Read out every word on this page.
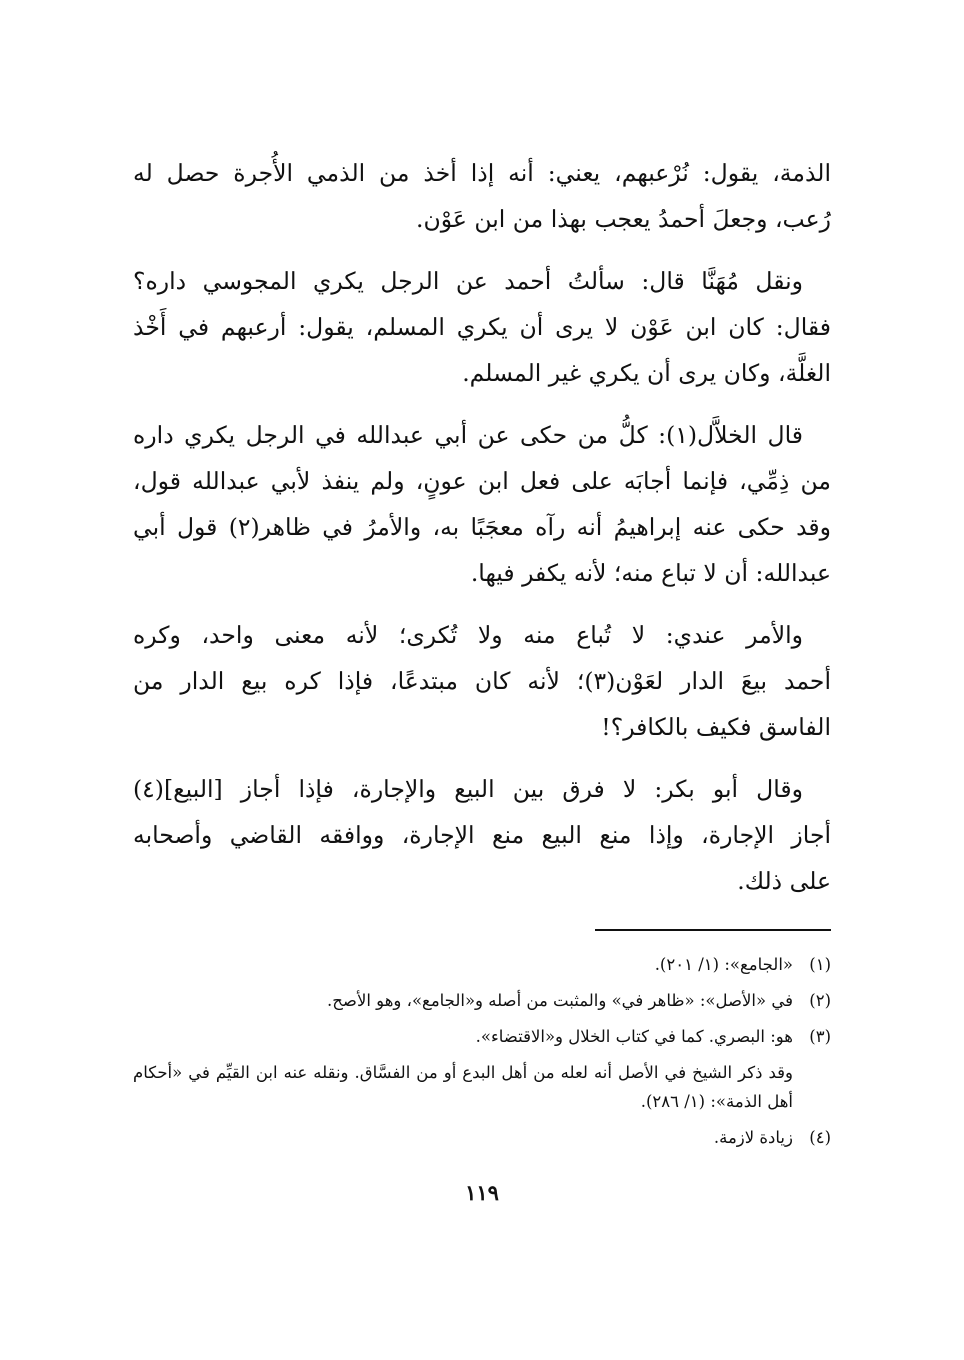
الذمة، يقول: نُرْعبهم، يعني: أنه إذا أخذ من الذمي الأُجرة حصل له
رُعب، وجعلَ أحمدُ يعجب بهذا من ابن عَوْن.

ونقل مُهَنَّا قال: سألتُ أحمد عن الرجل يكري المجوسي داره؟
فقال: كان ابن عَوْن لا يرى أن يكري المسلم، يقول: أرعبهم في أَخْذ
الغلَّة، وكان يرى أن يكري غير المسلم.

قال الخلاَّل(١): كلُّ من حكى عن أبي عبدالله في الرجل يكري داره
من ذِمِّي، فإنما أجابَه على فعل ابن عونٍ، ولم ينفذ لأبي عبدالله قول،
وقد حكى عنه إبراهيمُ أنه رآه معجَبًا به، والأمرُ في ظاهر(٢) قول أبي
عبدالله: أن لا تباع منه؛ لأنه يكفر فيها.

والأمر عندي: لا تُباع منه ولا تُكرى؛ لأنه معنى واحد، وكره
أحمد بيعَ الدار لعَوْن(٣)؛ لأنه كان مبتدعًا، فإذا كره بيع الدار من
الفاسق فكيف بالكافر؟!

وقال أبو بكر: لا فرق بين البيع والإجارة، فإذا أجاز [البيع](٤)
أجاز الإجارة، وإذا منع البيع منع الإجارة، ووافقه القاضي وأصحابه
على ذلك.

(١)
«الجامع»: (١/ ٢٠١).
(٢)
في «الأصل»: «ظاهر في» والمثبت من أصله و«الجامع»، وهو الأصح.
(٣)
هو: البصري. كما في كتاب الخلال و«الاقتضاء».
وقد ذكر الشيخ في الأصل أنه لعله من أهل البدع أو من الفسَّاق. ونقله عنه ابن القيِّم في «أحكام أهل الذمة»: (١/ ٢٨٦).
(٤)
زيادة لازمة.
١١٩
